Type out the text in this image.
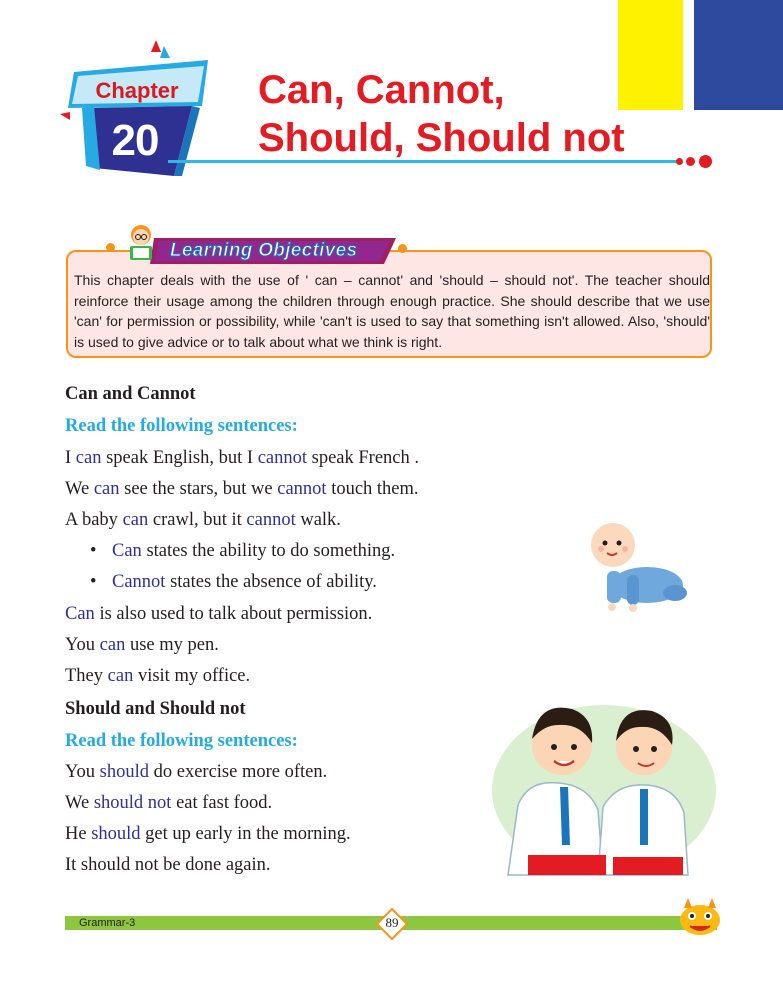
Chapter
20
Can, Cannot,
Should, Should not
Learning Objectives
This chapter deals with the use of ' can – cannot' and 'should – should not'. The teacher should reinforce their usage among the children through enough practice. She should describe that we use 'can' for permission or possibility, while 'can't is used to say that something isn't allowed. Also, 'should' is used to give advice or to talk about what we think is right.
Can and Cannot
Read the following sentences:
I can speak English, but I cannot speak French .
We can see the stars, but we cannot touch them.
A baby can crawl, but it cannot walk.
• Can states the ability to do something.
• Cannot states the absence of ability.
Can is also used to talk about permission.
You can use my pen.
They can visit my office.
Should and Should not
Read the following sentences:
You should do exercise more often.
We should not eat fast food.
He should get up early in the morning.
It should not be done again.
Grammar-3	89
